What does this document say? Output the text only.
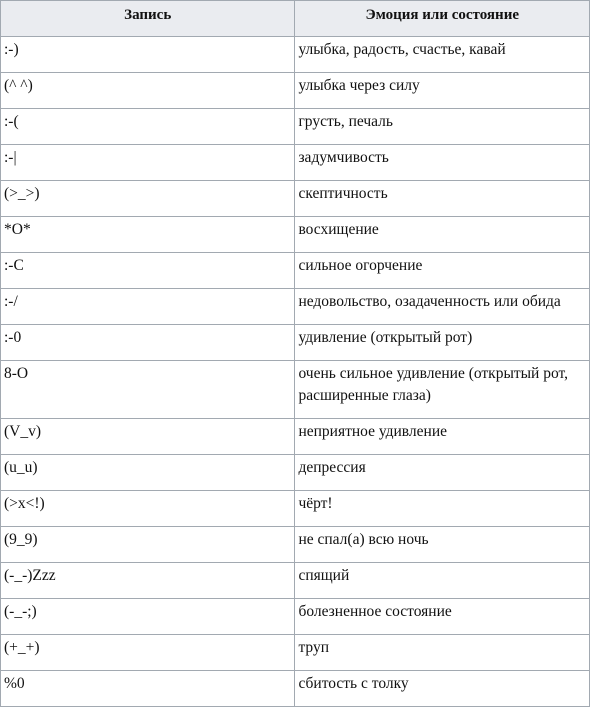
Запись	Эмоция или состояние
:-)	улыбка, радость, счастье, кавай
(^ ^)	улыбка через силу
:-(	грусть, печаль
:-|	задумчивость
(>_>)	скептичность
*O*	восхищение
:-C	сильное огорчение
:-/	недовольство, озадаченность или обида
:-0	удивление (открытый рот)
8-O	очень сильное удивление (открытый рот, расширенные глаза)
(V_v)	неприятное удивление
(u_u)	депрессия
(>x<!)	чёрт!
(9_9)	не спал(а) всю ночь
(-_-)Zzz	спящий
(-_-;)	болезненное состояние
(+_+)	труп
%0	сбитость с толку
